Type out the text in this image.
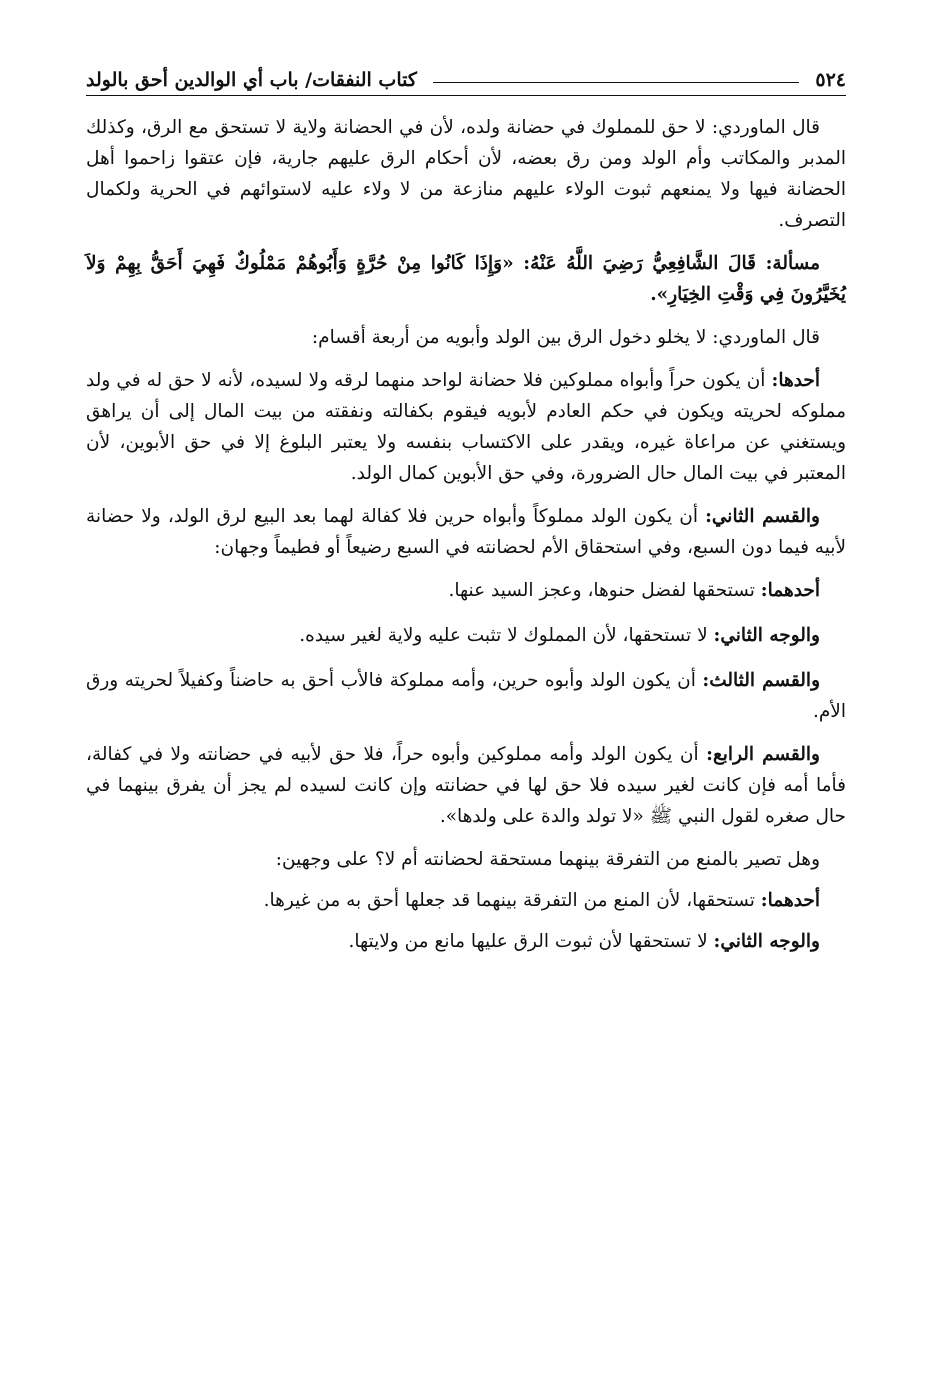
٥٢٤
كتاب النفقات/ باب أي الوالدين أحق بالولد

قال الماوردي: لا حق للمملوك في حضانة ولده، لأن في الحضانة ولاية لا تستحق مع الرق، وكذلك المدبر والمكاتب وأم الولد ومن رق بعضه، لأن أحكام الرق عليهم جارية، فإن عتقوا زاحموا أهل الحضانة فيها ولا يمنعهم ثبوت الولاء عليهم منازعة من لا ولاء عليه لاستوائهم في الحرية ولكمال التصرف.

مسألة: قَالَ الشَّافِعِيُّ رَضِيَ اللَّهُ عَنْهُ: «وَإِذَا كَانُوا مِنْ حُرَّةٍ وَأَبُوهُمْ مَمْلُوكٌ فَهِيَ أَحَقُّ بِهِمْ وَلاَ يُخَيَّرُونَ فِي وَقْتِ الخِيَارِ».

قال الماوردي: لا يخلو دخول الرق بين الولد وأبويه من أربعة أقسام:

أحدها: أن يكون حراً وأبواه مملوكين فلا حضانة لواحد منهما لرقه ولا لسيده، لأنه لا حق له في ولد مملوكه لحريته ويكون في حكم العادم لأبويه فيقوم بكفالته ونفقته من بيت المال إلى أن يراهق ويستغني عن مراعاة غيره، ويقدر على الاكتساب بنفسه ولا يعتبر البلوغ إلا في حق الأبوين، لأن المعتبر في بيت المال حال الضرورة، وفي حق الأبوين كمال الولد.

والقسم الثاني: أن يكون الولد مملوكاً وأبواه حرين فلا كفالة لهما بعد البيع لرق الولد، ولا حضانة لأبيه فيما دون السبع، وفي استحقاق الأم لحضانته في السبع رضيعاً أو فطيماً وجهان:

أحدهما: تستحقها لفضل حنوها، وعجز السيد عنها.

والوجه الثاني: لا تستحقها، لأن المملوك لا تثبت عليه ولاية لغير سيده.

والقسم الثالث: أن يكون الولد وأبوه حرين، وأمه مملوكة فالأب أحق به حاضناً وكفيلاً لحريته ورق الأم.

والقسم الرابع: أن يكون الولد وأمه مملوكين وأبوه حراً، فلا حق لأبيه في حضانته ولا في كفالة، فأما أمه فإن كانت لغير سيده فلا حق لها في حضانته وإن كانت لسيده لم يجز أن يفرق بينهما في حال صغره لقول النبي ﷺ «لا تولد والدة على ولدها».

وهل تصير بالمنع من التفرقة بينهما مستحقة لحضانته أم لا؟ على وجهين:

أحدهما: تستحقها، لأن المنع من التفرقة بينهما قد جعلها أحق به من غيرها.

والوجه الثاني: لا تستحقها لأن ثبوت الرق عليها مانع من ولايتها.
